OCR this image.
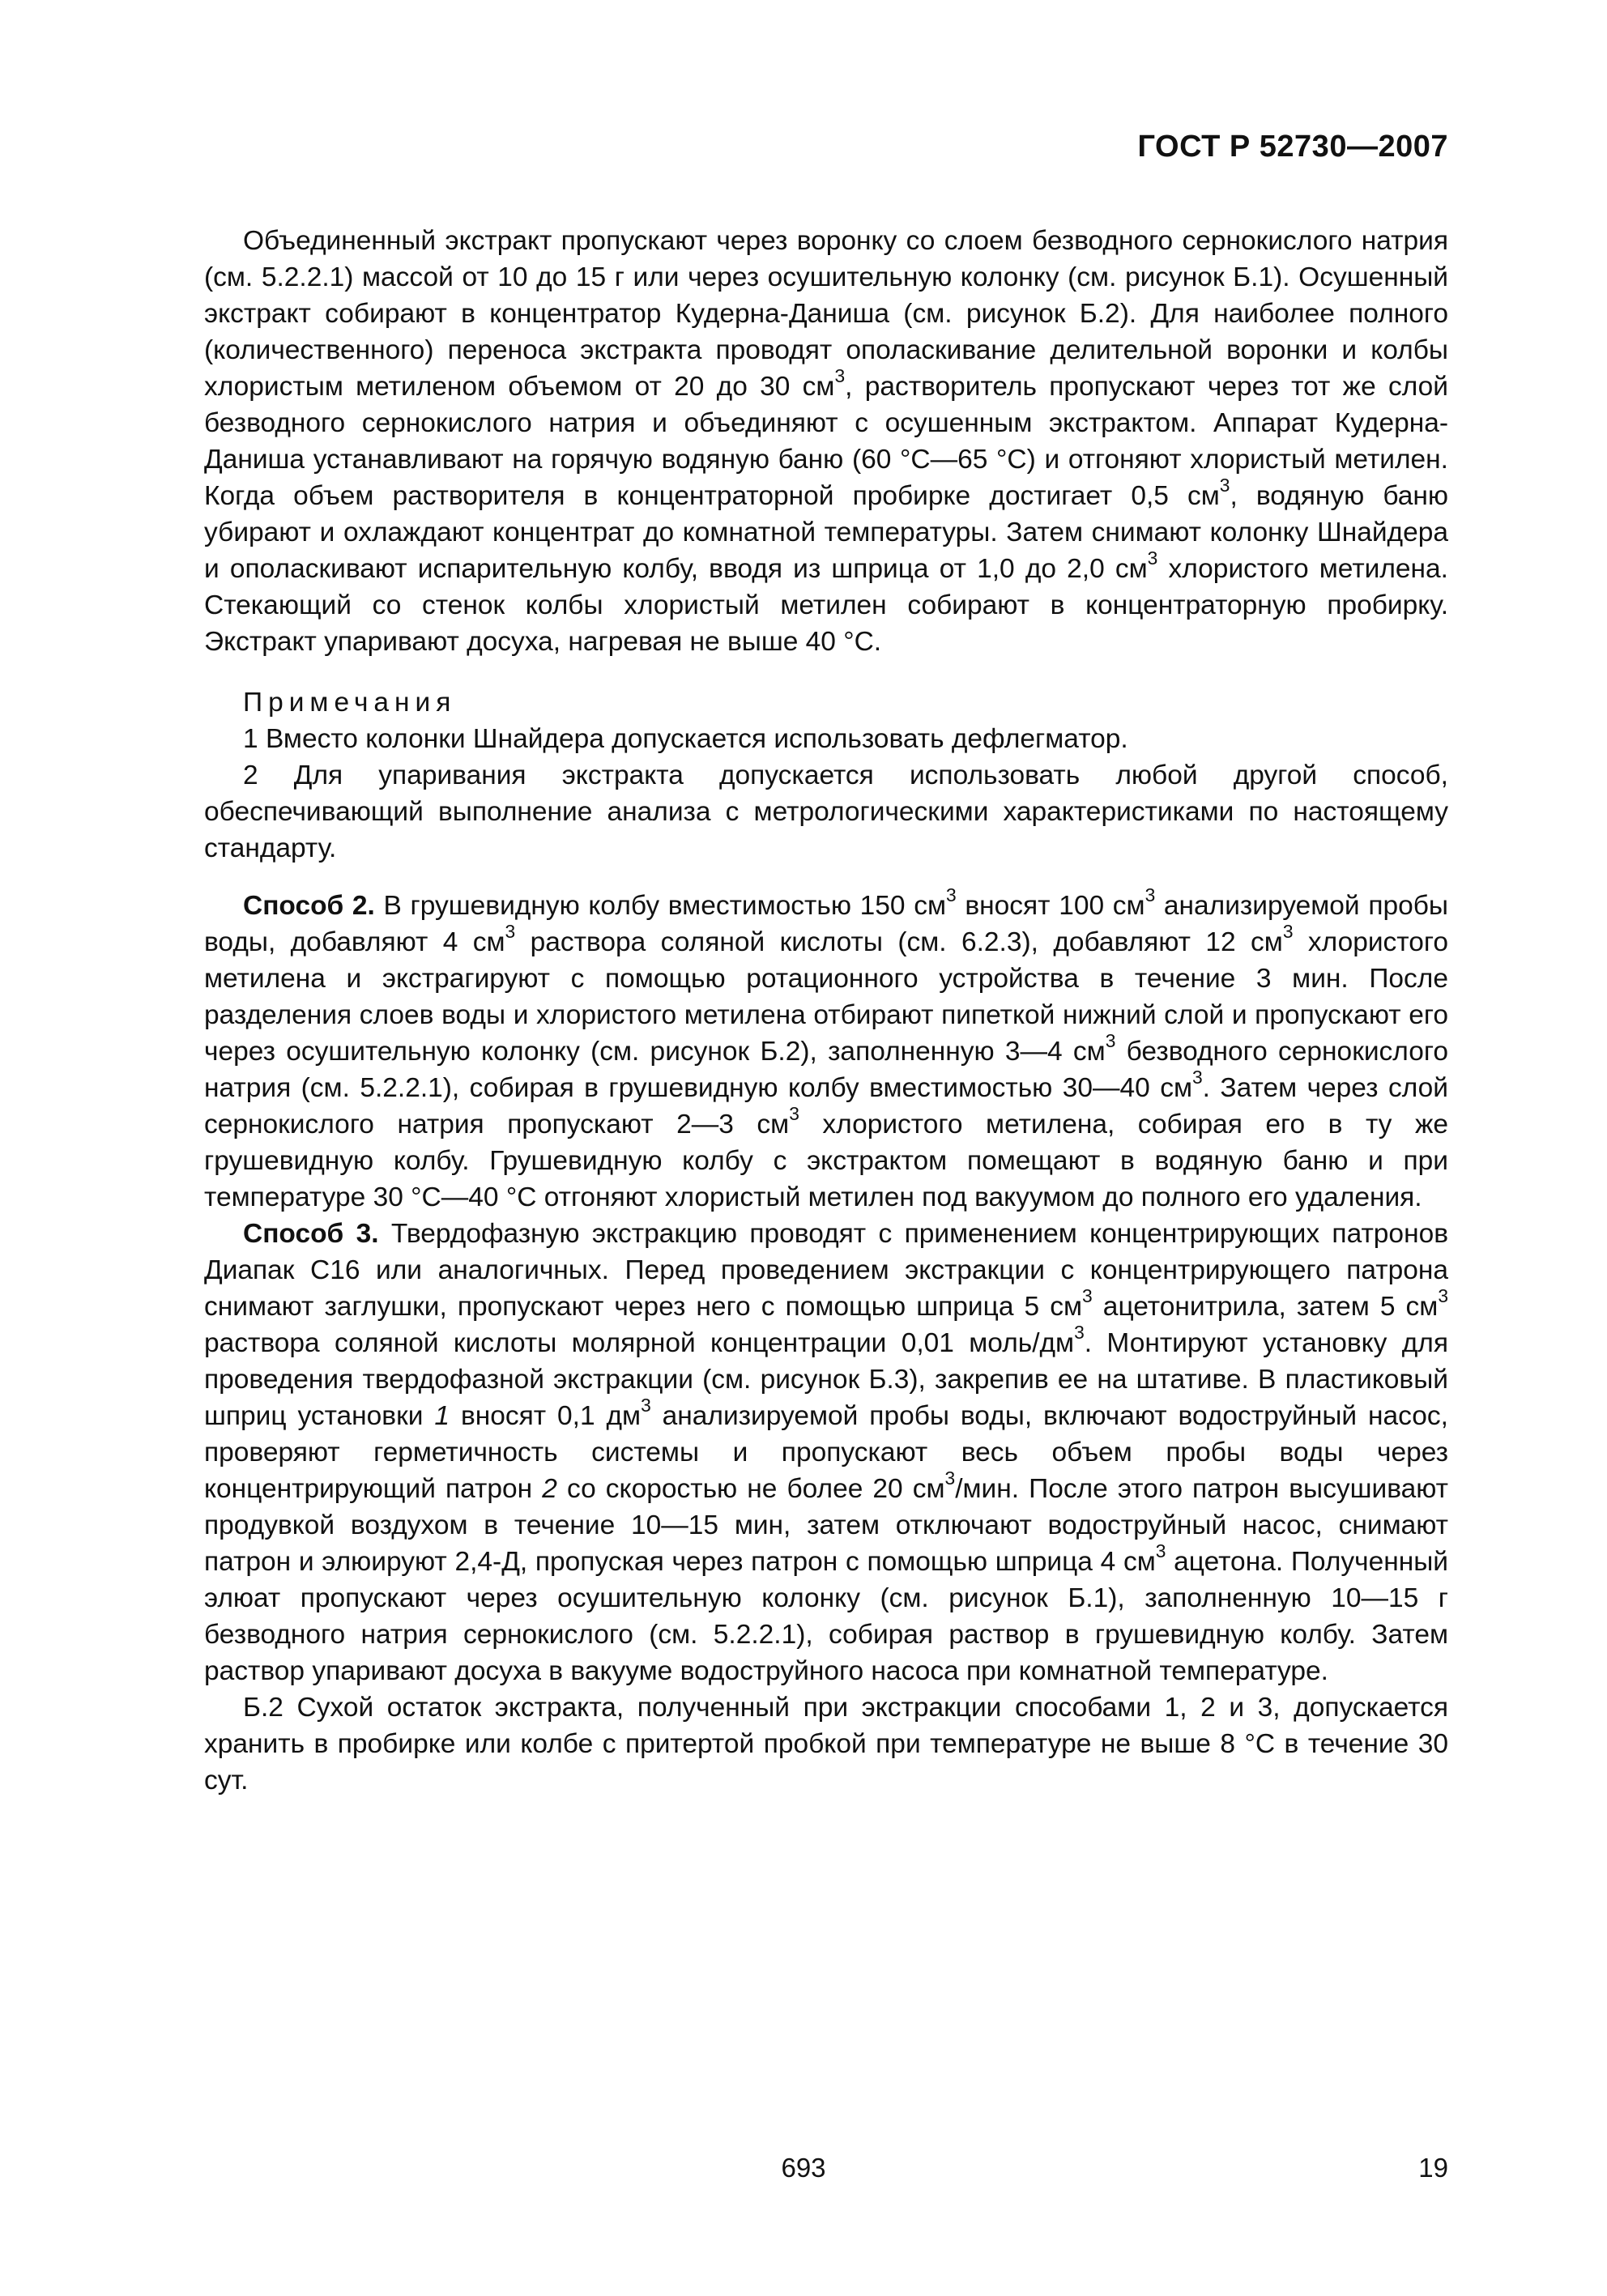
ГОСТ Р 52730—2007

Объединенный экстракт пропускают через воронку со слоем безводного сернокислого натрия (см. 5.2.2.1) массой от 10 до 15 г или через осушительную колонку (см. рисунок Б.1). Осушенный экстракт собирают в концентратор Кудерна-Даниша (см. рисунок Б.2). Для наиболее полного (количественного) переноса экстракта проводят ополаскивание делительной воронки и колбы хлористым метиленом объемом от 20 до 30 $см^3$, растворитель пропускают через тот же слой безводного сернокислого натрия и объединяют с осушенным экстрактом. Аппарат Кудерна-Даниша устанавливают на горячую водяную баню (60 °С—65 °С) и отгоняют хлористый метилен. Когда объем растворителя в концентраторной пробирке достигает 0,5 $см^3$, водяную баню убирают и охлаждают концентрат до комнатной температуры. Затем снимают колонку Шнайдера и ополаскивают испарительную колбу, вводя из шприца от 1,0 до 2,0 $см^3$ хлористого метилена. Стекающий со стенок колбы хлористый метилен собирают в концентраторную пробирку. Экстракт упаривают досуха, нагревая не выше 40 °С.

Примечания

1 Вместо колонки Шнайдера допускается использовать дефлегматор.

2 Для упаривания экстракта допускается использовать любой другой способ, обеспечивающий выполнение анализа с метрологическими характеристиками по настоящему стандарту.

Способ 2. В грушевидную колбу вместимостью 150 $см^3$ вносят 100 $см^3$ анализируемой пробы воды, добавляют 4 $см^3$ раствора соляной кислоты (см. 6.2.3), добавляют 12 $см^3$ хлористого метилена и экстрагируют с помощью ротационного устройства в течение 3 мин. После разделения слоев воды и хлористого метилена отбирают пипеткой нижний слой и пропускают его через осушительную колонку (см. рисунок Б.2), заполненную 3—4 $см^3$ безводного сернокислого натрия (см. 5.2.2.1), собирая в грушевидную колбу вместимостью 30—40 $см^3$. Затем через слой сернокислого натрия пропускают 2—3 $см^3$ хлористого метилена, собирая его в ту же грушевидную колбу. Грушевидную колбу с экстрактом помещают в водяную баню и при температуре 30 °С—40 °С отгоняют хлористый метилен под вакуумом до полного его удаления.

Способ 3. Твердофазную экстракцию проводят с применением концентрирующих патронов Диапак С16 или аналогичных. Перед проведением экстракции с концентрирующего патрона снимают заглушки, пропускают через него с помощью шприца 5 $см^3$ ацетонитрила, затем 5 $см^3$ раствора соляной кислоты молярной концентрации 0,01 моль/$дм^3$. Монтируют установку для проведения твердофазной экстракции (см. рисунок Б.3), закрепив ее на штативе. В пластиковый шприц установки 1 вносят 0,1 $дм^3$ анализируемой пробы воды, включают водоструйный насос, проверяют герметичность системы и пропускают весь объем пробы воды через концентрирующий патрон 2 со скоростью не более 20 $см^3$/мин. После этого патрон высушивают продувкой воздухом в течение 10—15 мин, затем отключают водоструйный насос, снимают патрон и элюируют 2,4-Д, пропуская через патрон с помощью шприца 4 $см^3$ ацетона. Полученный элюат пропускают через осушительную колонку (см. рисунок Б.1), заполненную 10—15 г безводного натрия сернокислого (см. 5.2.2.1), собирая раствор в грушевидную колбу. Затем раствор упаривают досуха в вакууме водоструйного насоса при комнатной температуре.

Б.2 Сухой остаток экстракта, полученный при экстракции способами 1, 2 и 3, допускается хранить в пробирке или колбе с притертой пробкой при температуре не выше 8 °С в течение 30 сут.

693	19
